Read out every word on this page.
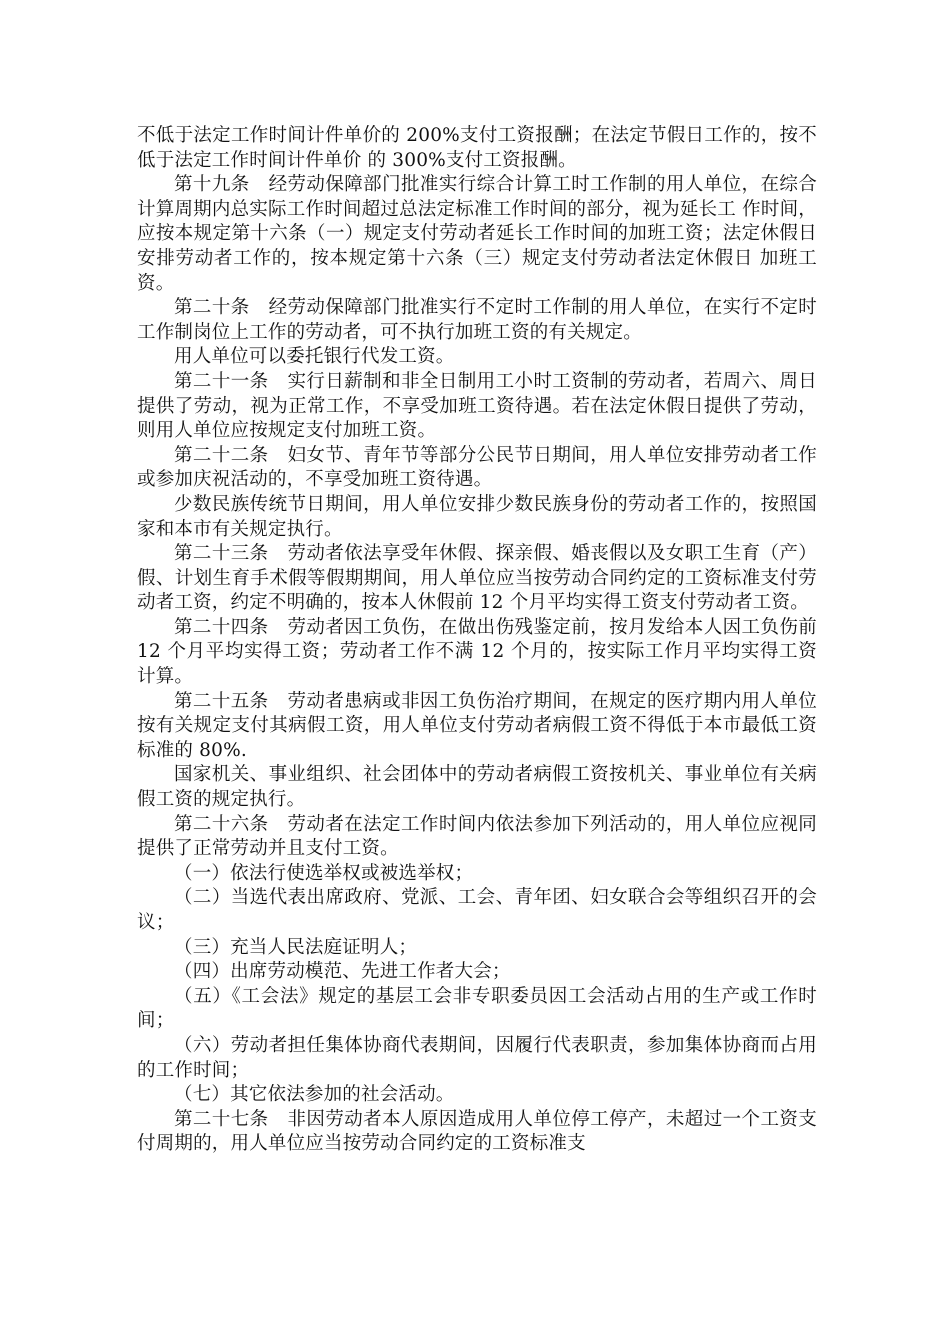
不低于法定工作时间计件单价的 200%支付工资报酬；在法定节假日工作的，按不低于法定工作时间计件单价 的 300%支付工资报酬。

第十九条　经劳动保障部门批准实行综合计算工时工作制的用人单位，在综合计算周期内总实际工作时间超过总法定标准工作时间的部分，视为延长工 作时间，应按本规定第十六条（一）规定支付劳动者延长工作时间的加班工资；法定休假日安排劳动者工作的，按本规定第十六条（三）规定支付劳动者法定休假日 加班工资。

第二十条　经劳动保障部门批准实行不定时工作制的用人单位，在实行不定时工作制岗位上工作的劳动者，可不执行加班工资的有关规定。

用人单位可以委托银行代发工资。

第二十一条　实行日薪制和非全日制用工小时工资制的劳动者，若周六、周日提供了劳动，视为正常工作，不享受加班工资待遇。若在法定休假日提供了劳动，则用人单位应按规定支付加班工资。

第二十二条　妇女节、青年节等部分公民节日期间，用人单位安排劳动者工作或参加庆祝活动的，不享受加班工资待遇。

少数民族传统节日期间，用人单位安排少数民族身份的劳动者工作的，按照国家和本市有关规定执行。

第二十三条　劳动者依法享受年休假、探亲假、婚丧假以及女职工生育（产）假、计划生育手术假等假期期间，用人单位应当按劳动合同约定的工资标准支付劳动者工资，约定不明确的，按本人休假前 12 个月平均实得工资支付劳动者工资。

第二十四条　劳动者因工负伤，在做出伤残鉴定前，按月发给本人因工负伤前 12 个月平均实得工资；劳动者工作不满 12 个月的，按实际工作月平均实得工资计算。

第二十五条　劳动者患病或非因工负伤治疗期间，在规定的医疗期内用人单位按有关规定支付其病假工资，用人单位支付劳动者病假工资不得低于本市最低工资标准的 80%.

国家机关、事业组织、社会团体中的劳动者病假工资按机关、事业单位有关病假工资的规定执行。

第二十六条　劳动者在法定工作时间内依法参加下列活动的，用人单位应视同提供了正常劳动并且支付工资。

（一）依法行使选举权或被选举权；

（二）当选代表出席政府、党派、工会、青年团、妇女联合会等组织召开的会议；

（三）充当人民法庭证明人；

（四）出席劳动模范、先进工作者大会；

（五）《工会法》规定的基层工会非专职委员因工会活动占用的生产或工作时间；

（六）劳动者担任集体协商代表期间，因履行代表职责，参加集体协商而占用的工作时间；

（七）其它依法参加的社会活动。

第二十七条　非因劳动者本人原因造成用人单位停工停产，未超过一个工资支付周期的，用人单位应当按劳动合同约定的工资标准支
